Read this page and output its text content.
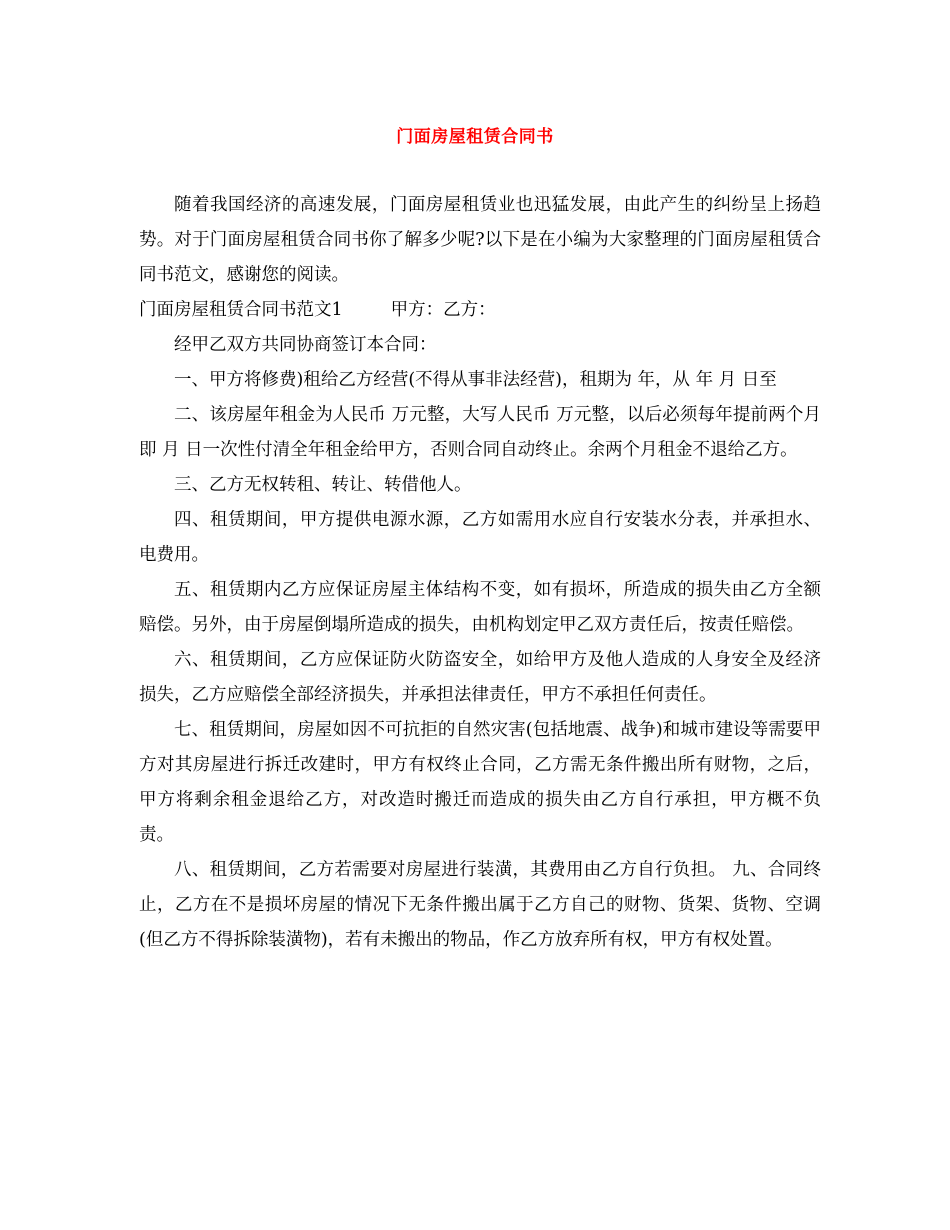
门面房屋租赁合同书

随着我国经济的高速发展，门面房屋租赁业也迅猛发展，由此产生的纠纷呈上扬趋势。对于门面房屋租赁合同书你了解多少呢?以下是在小编为大家整理的门面房屋租赁合同书范文，感谢您的阅读。

门面房屋租赁合同书范文1	甲方：乙方：

经甲乙双方共同协商签订本合同：

一、甲方将修费)租给乙方经营(不得从事非法经营)，租期为 年，从 年 月 日至

二、该房屋年租金为人民币 万元整，大写人民币 万元整，以后必须每年提前两个月即 月 日一次性付清全年租金给甲方，否则合同自动终止。余两个月租金不退给乙方。

三、乙方无权转租、转让、转借他人。

四、租赁期间，甲方提供电源水源，乙方如需用水应自行安装水分表，并承担水、电费用。

五、租赁期内乙方应保证房屋主体结构不变，如有损坏，所造成的损失由乙方全额赔偿。另外，由于房屋倒塌所造成的损失，由机构划定甲乙双方责任后，按责任赔偿。

六、租赁期间，乙方应保证防火防盗安全，如给甲方及他人造成的人身安全及经济损失，乙方应赔偿全部经济损失，并承担法律责任，甲方不承担任何责任。

七、租赁期间，房屋如因不可抗拒的自然灾害(包括地震、战争)和城市建设等需要甲方对其房屋进行拆迁改建时，甲方有权终止合同，乙方需无条件搬出所有财物，之后，甲方将剩余租金退给乙方，对改造时搬迁而造成的损失由乙方自行承担，甲方概不负责。

八、租赁期间，乙方若需要对房屋进行装潢，其费用由乙方自行负担。 九、合同终止，乙方在不是损坏房屋的情况下无条件搬出属于乙方自己的财物、货架、货物、空调(但乙方不得拆除装潢物)，若有未搬出的物品，作乙方放弃所有权，甲方有权处置。
